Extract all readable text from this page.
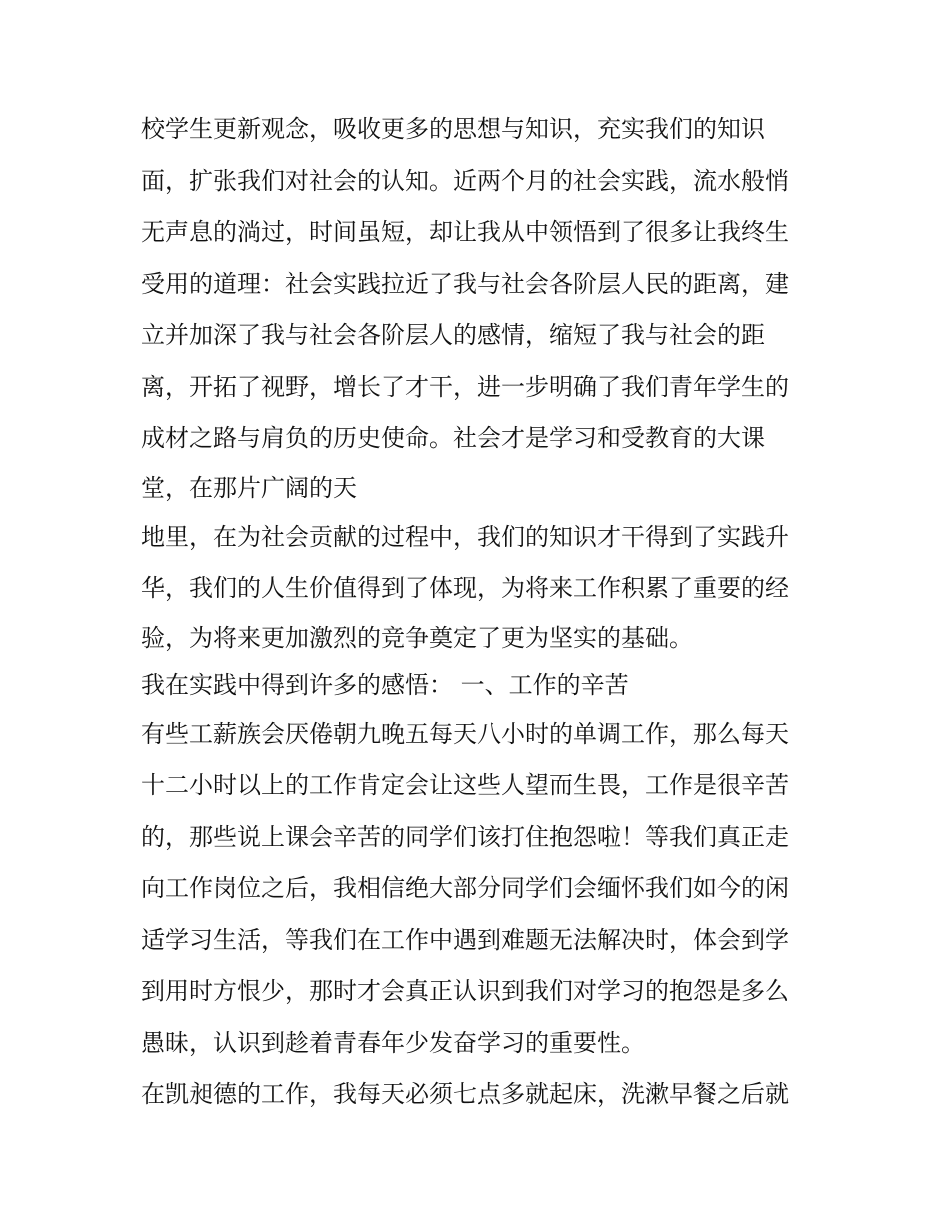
校学生更新观念，吸收更多的思想与知识，充实我们的知识
面，扩张我们对社会的认知。近两个月的社会实践，流水般悄
无声息的淌过，时间虽短，却让我从中领悟到了很多让我终生
受用的道理：社会实践拉近了我与社会各阶层人民的距离，建
立并加深了我与社会各阶层人的感情，缩短了我与社会的距
离，开拓了视野，增长了才干，进一步明确了我们青年学生的
成材之路与肩负的历史使命。社会才是学习和受教育的大课
堂，在那片广阔的天
地里，在为社会贡献的过程中，我们的知识才干得到了实践升
华，我们的人生价值得到了体现，为将来工作积累了重要的经
验，为将来更加激烈的竞争奠定了更为坚实的基础。
我在实践中得到许多的感悟： 一、工作的辛苦
有些工薪族会厌倦朝九晚五每天八小时的单调工作，那么每天
十二小时以上的工作肯定会让这些人望而生畏，工作是很辛苦
的，那些说上课会辛苦的同学们该打住抱怨啦！等我们真正走
向工作岗位之后，我相信绝大部分同学们会缅怀我们如今的闲
适学习生活，等我们在工作中遇到难题无法解决时，体会到学
到用时方恨少，那时才会真正认识到我们对学习的抱怨是多么
愚昧，认识到趁着青春年少发奋学习的重要性。
在凯昶德的工作，我每天必须七点多就起床，洗漱早餐之后就
